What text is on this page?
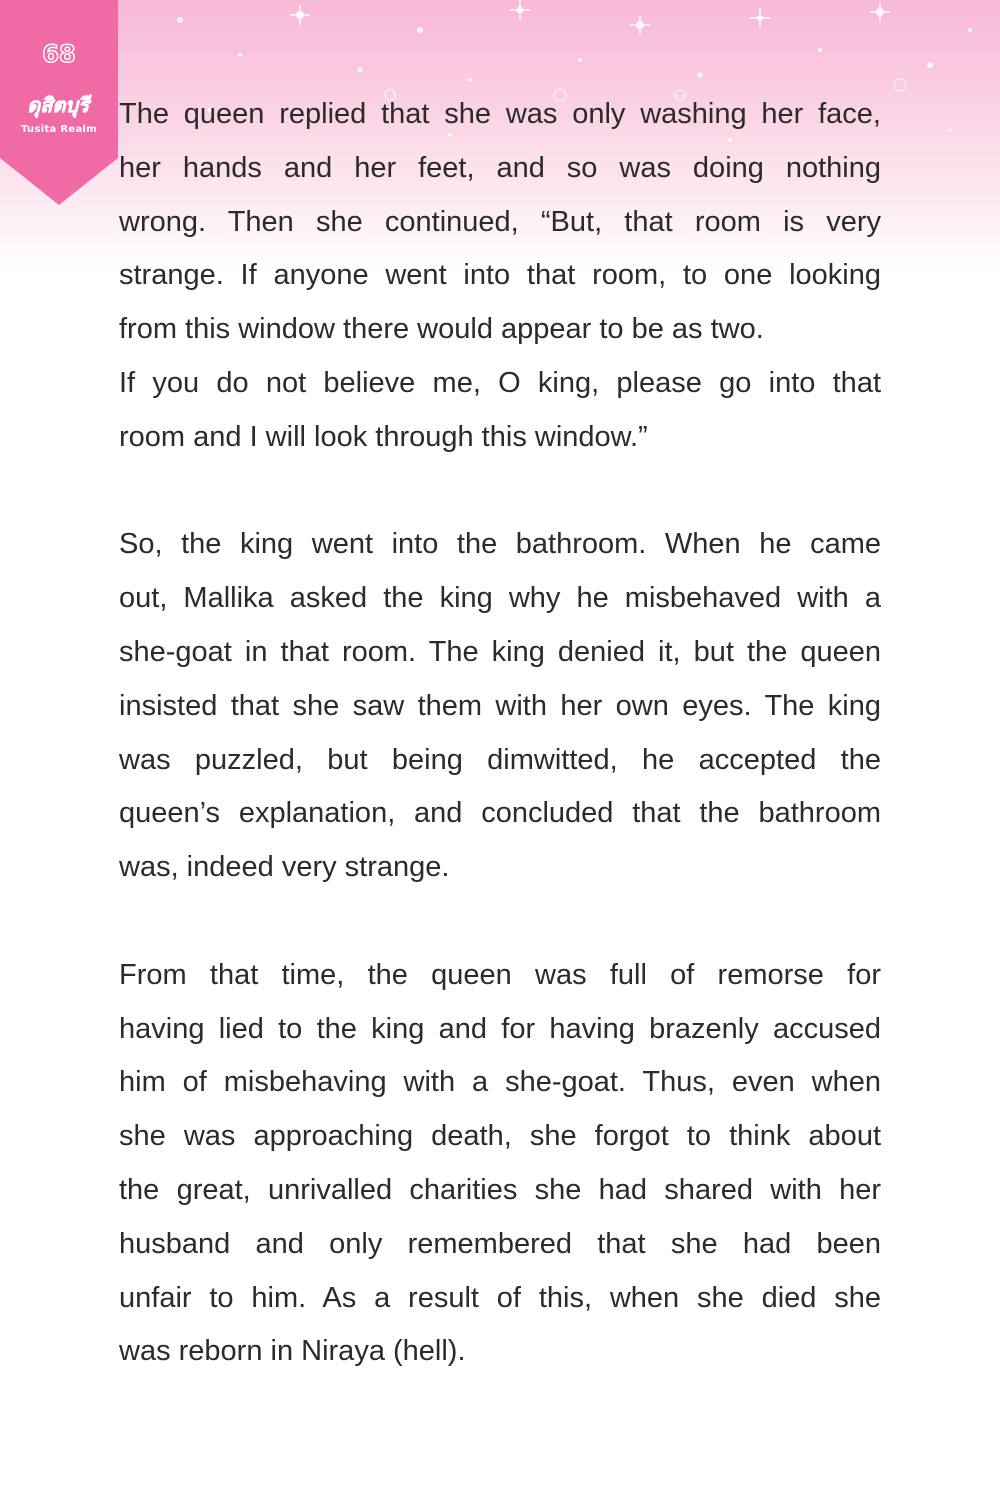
68
ดุสิตบุรี
Tusita Realm The queen replied that she was only washing her face,
her hands and her feet, and so was doing nothing
wrong. Then she continued, “But, that room is very
strange. If anyone went into that room, to one looking
from this window there would appear to be as two.
If you do not believe me, O king, please go into that
room and I will look through this window.”

So, the king went into the bathroom. When he came
out, Mallika asked the king why he misbehaved with a
she-goat in that room. The king denied it, but the queen
insisted that she saw them with her own eyes. The king
was puzzled, but being dimwitted, he accepted the
queen’s explanation, and concluded that the bathroom
was, indeed very strange.

From that time, the queen was full of remorse for
having lied to the king and for having brazenly accused
him of misbehaving with a she-goat. Thus, even when
she was approaching death, she forgot to think about
the great, unrivalled charities she had shared with her
husband and only remembered that she had been
unfair to him. As a result of this, when she died she
was reborn in Niraya (hell).
